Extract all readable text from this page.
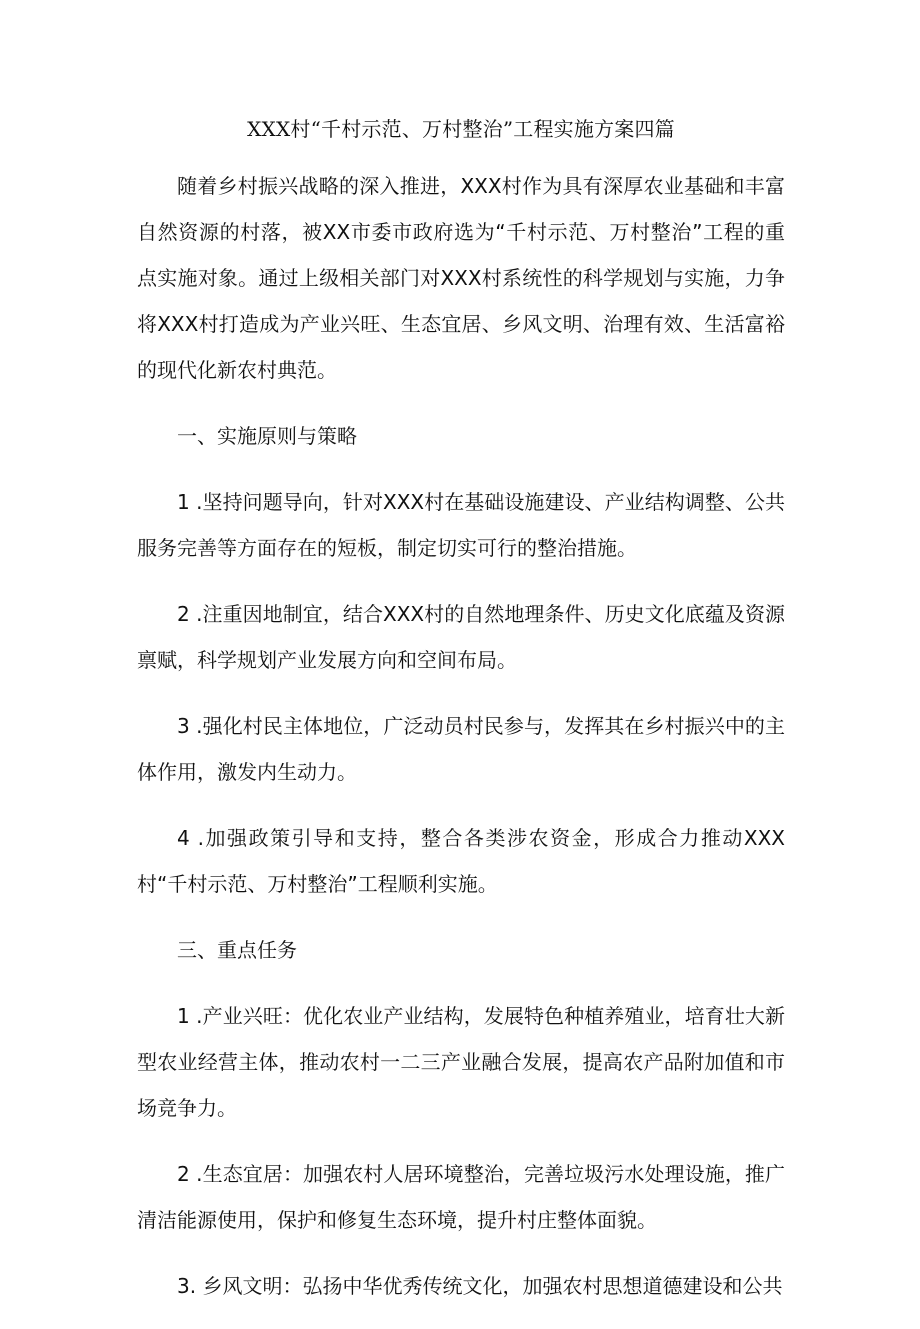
XXX村“千村示范、万村整治”工程实施方案四篇

随着乡村振兴战略的深入推进，XXX村作为具有深厚农业基础和丰富自然资源的村落，被XX市委市政府选为“千村示范、万村整治”工程的重点实施对象。通过上级相关部门对XXX村系统性的科学规划与实施，力争将XXX村打造成为产业兴旺、生态宜居、乡风文明、治理有效、生活富裕的现代化新农村典范。

一、实施原则与策略

1 .坚持问题导向，针对XXX村在基础设施建设、产业结构调整、公共服务完善等方面存在的短板，制定切实可行的整治措施。

2 .注重因地制宜，结合XXX村的自然地理条件、历史文化底蕴及资源禀赋，科学规划产业发展方向和空间布局。

3 .强化村民主体地位，广泛动员村民参与，发挥其在乡村振兴中的主体作用，激发内生动力。

4 .加强政策引导和支持，整合各类涉农资金，形成合力推动XXX村“千村示范、万村整治”工程顺利实施。

三、重点任务

1 .产业兴旺：优化农业产业结构，发展特色种植养殖业，培育壮大新型农业经营主体，推动农村一二三产业融合发展，提高农产品附加值和市场竞争力。

2 .生态宜居：加强农村人居环境整治，完善垃圾污水处理设施，推广清洁能源使用，保护和修复生态环境，提升村庄整体面貌。

3. 乡风文明：弘扬中华优秀传统文化，加强农村思想道德建设和公共
